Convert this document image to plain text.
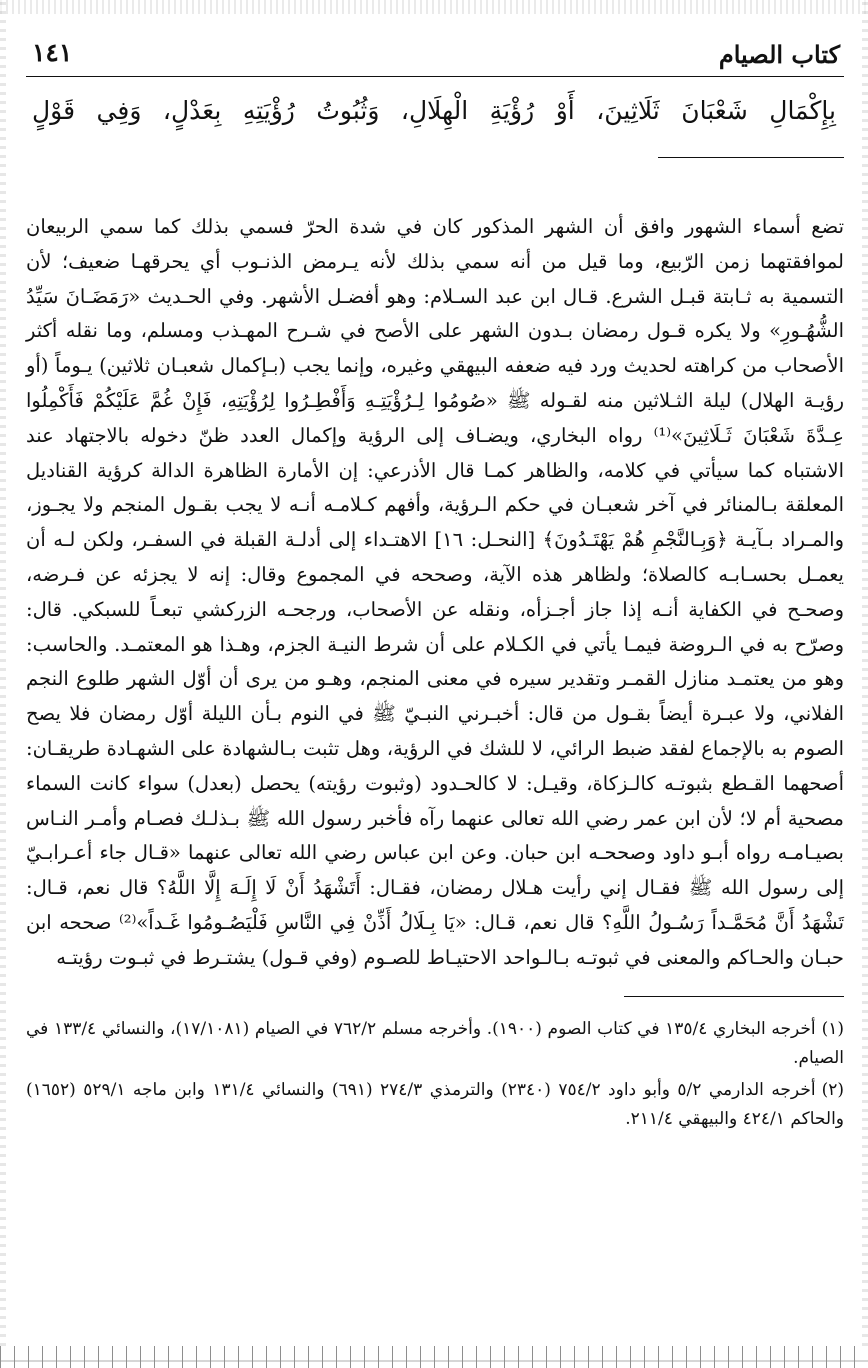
كتاب الصيام
١٤١
بِإِكْمَالِ شَعْبَانَ ثَلَاثِينَ، أَوْ رُؤْيَةِ الْهِلَالِ، وَثُبُوتُ رُؤْيَتِهِ بِعَدْلٍ، وَفِي قَوْلٍ

تضع أسماء الشهور وافق أن الشهر المذكور كان في شدة الحرّ فسمي بذلك كما سمي الربيعان لموافقتهما زمن الرّبيع، وما قيل من أنه سمي بذلك لأنه يـرمض الذنـوب أي يحرقهـا ضعيف؛ لأن التسمية به ثـابتة قبـل الشرع. قـال ابن عبد السـلام: وهو أفضـل الأشهر. وفي الحـديث «رَمَضَـانَ سَيِّدُ الشُّهُـورِ» ولا يكره قـول رمضان بـدون الشهر على الأصح في شـرح المهـذب ومسلم، وما نقله أكثر الأصحاب من كراهته لحديث ورد فيه ضعفه البيهقي وغيره، وإنما يجب (بـإكمال شعبـان ثلاثين) يـوماً (أو رؤيـة الهلال) ليلة الثـلاثين منه لقـوله ﷺ «صُومُوا لِـرُؤْيَتِـهِ وَأَفْطِـرُوا لِرُؤْيَتِهِ، فَإِنْ غُمَّ عَلَيْكُمْ فَأَكْمِلُوا عِـدَّةَ شَعْبَانَ ثَـلَاثِينَ»⁽¹⁾ رواه البخاري، ويضـاف إلى الرؤية وإكمال العدد ظنّ دخوله بالاجتهاد عند الاشتباه كما سيأتي في كلامه، والظاهر كمـا قال الأذرعي: إن الأمارة الظاهرة الدالة كرؤية القناديل المعلقة بـالمنائر في آخر شعبـان في حكم الـرؤية، وأفهم كـلامـه أنـه لا يجب بقـول المنجم ولا يجـوز، والمـراد بـآيـة ﴿وَبِـالنَّجْمِ هُمْ يَهْتَـدُونَ﴾ [النحـل: ١٦] الاهتـداء إلى أدلـة القبلة في السفـر، ولكن لـه أن يعمـل بحسـابـه كالصلاة؛ ولظاهر هذه الآية، وصححه في المجموع وقال: إنه لا يجزئه عن فـرضه، وصحـح في الكفاية أنـه إذا جاز أجـزأه، ونقله عن الأصحاب، ورجحـه الزركشي تبعـاً للسبكي. قال: وصرّح به في الـروضة فيمـا يأتي في الكـلام على أن شرط النيـة الجزم، وهـذا هو المعتمـد. والحاسب: وهو من يعتمـد منازل القمـر وتقدير سيره في معنى المنجم، وهـو من يرى أن أوّل الشهر طلوع النجم الفلاني، ولا عبـرة أيضاً بقـول من قال: أخبـرني النبـيّ ﷺ في النوم بـأن الليلة أوّل رمضان فلا يصح الصوم به بالإجماع لفقد ضبط الرائي، لا للشك في الرؤية، وهل تثبت بـالشهادة على الشهـادة طريقـان: أصحهما القـطع بثبوتـه كالـزكاة، وقيـل: لا كالحـدود (وثبوت رؤيته) يحصل (بعدل) سواء كانت السماء مصحية أم لا؛ لأن ابن عمر رضي الله تعالى عنهما رآه فأخبر رسول الله ﷺ بـذلـك فصـام وأمـر النـاس بصيـامـه رواه أبـو داود وصححـه ابن حبان. وعن ابن عباس رضي الله تعالى عنهما «قـال جاء أعـرابـيّ إلى رسول الله ﷺ فقـال إني رأيت هـلال رمضان، فقـال: أَتَشْهَدُ أَنْ لَا إِلَـهَ إِلَّا اللَّهُ؟ قال نعم، قـال: تَشْهَدُ أَنَّ مُحَمَّـداً رَسُـولُ اللَّهِ؟ قال نعم، قـال: «يَا بِـلَالُ أَذِّنْ فِي النَّاسِ فَلْيَصُـومُوا غَـداً»⁽²⁾ صححه ابن حبـان والحـاكم والمعنى في ثبوتـه بـالـواحد الاحتيـاط للصـوم (وفي قـول) يشتـرط في ثبـوت رؤيتـه

(١)أخرجه البخاري ١٣٥/٤ في كتاب الصوم (١٩٠٠). وأخرجه مسلم ٧٦٢/٢ في الصيام (١٧/١٠٨١)، والنسائي ١٣٣/٤ في الصيام.

(٢)أخرجه الدارمي ٥/٢ وأبو داود ٧٥٤/٢ (٢٣٤٠) والترمذي ٢٧٤/٣ (٦٩١) والنسائي ١٣١/٤ وابن ماجه ٥٢٩/١ (١٦٥٢) والحاكم ٤٢٤/١ والبيهقي ٢١١/٤.
